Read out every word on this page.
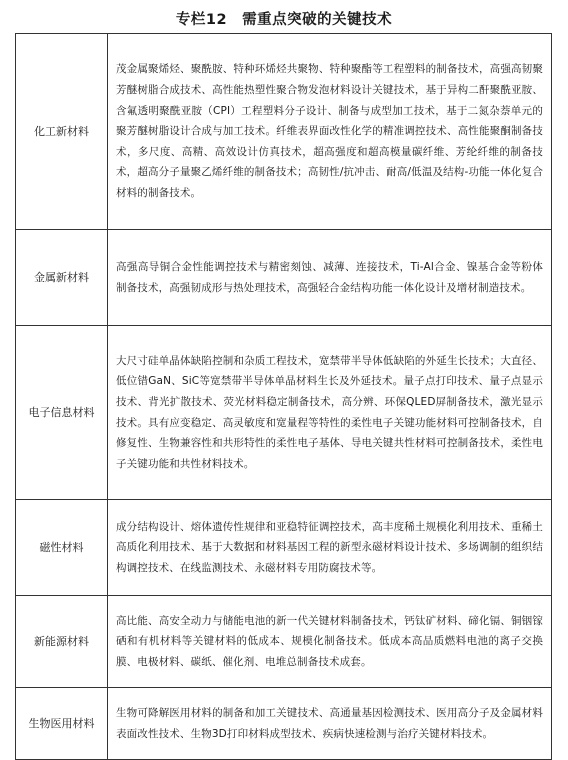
专栏12　需重点突破的关键技术
化工新材料	茂金属聚烯烃、聚酰胺、特种环烯烃共聚物、特种聚酯等工程塑料的制备技术，高强高韧聚芳醚树脂合成技术、高性能热塑性聚合物发泡材料设计关键技术，基于异构二酐聚酰亚胺、含氟透明聚酰亚胺（CPI）工程塑料分子设计、制备与成型加工技术，基于二氮杂萘单元的聚芳醚树脂设计合成与加工技术。纤维表界面改性化学的精准调控技术、高性能聚酮制备技术，多尺度、高精、高效设计仿真技术，超高强度和超高模量碳纤维、芳纶纤维的制备技术，超高分子量聚乙烯纤维的制备技术；高韧性/抗冲击、耐高/低温及结构-功能一体化复合材料的制备技术。
金属新材料	高强高导铜合金性能调控技术与精密刻蚀、减薄、连接技术，Ti-Al合金、镍基合金等粉体制备技术，高强韧成形与热处理技术，高强轻合金结构功能一体化设计及增材制造技术。
电子信息材料	大尺寸硅单晶体缺陷控制和杂质工程技术，宽禁带半导体低缺陷的外延生长技术；大直径、低位错GaN、SiC等宽禁带半导体单晶材料生长及外延技术。量子点打印技术、量子点显示技术、背光扩散技术、荧光材料稳定制备技术，高分辨、环保QLED屏制备技术，激光显示技术。具有应变稳定、高灵敏度和宽量程等特性的柔性电子关键功能材料可控制备技术，自修复性、生物兼容性和共形特性的柔性电子基体、导电关键共性材料可控制备技术，柔性电子关键功能和共性材料技术。
磁性材料	成分结构设计、熔体遗传性规律和亚稳特征调控技术，高丰度稀土规模化利用技术、重稀土高质化利用技术、基于大数据和材料基因工程的新型永磁材料设计技术、多场调制的组织结构调控技术、在线监测技术、永磁材料专用防腐技术等。
新能源材料	高比能、高安全动力与储能电池的新一代关键材料制备技术，钙钛矿材料、碲化镉、铜铟镓硒和有机材料等关键材料的低成本、规模化制备技术。低成本高品质燃料电池的离子交换膜、电极材料、碳纸、催化剂、电堆总制备技术成套。
生物医用材料	生物可降解医用材料的制备和加工关键技术、高通量基因检测技术、医用高分子及金属材料表面改性技术、生物3D打印材料成型技术、疾病快速检测与治疗关键材料技术。
